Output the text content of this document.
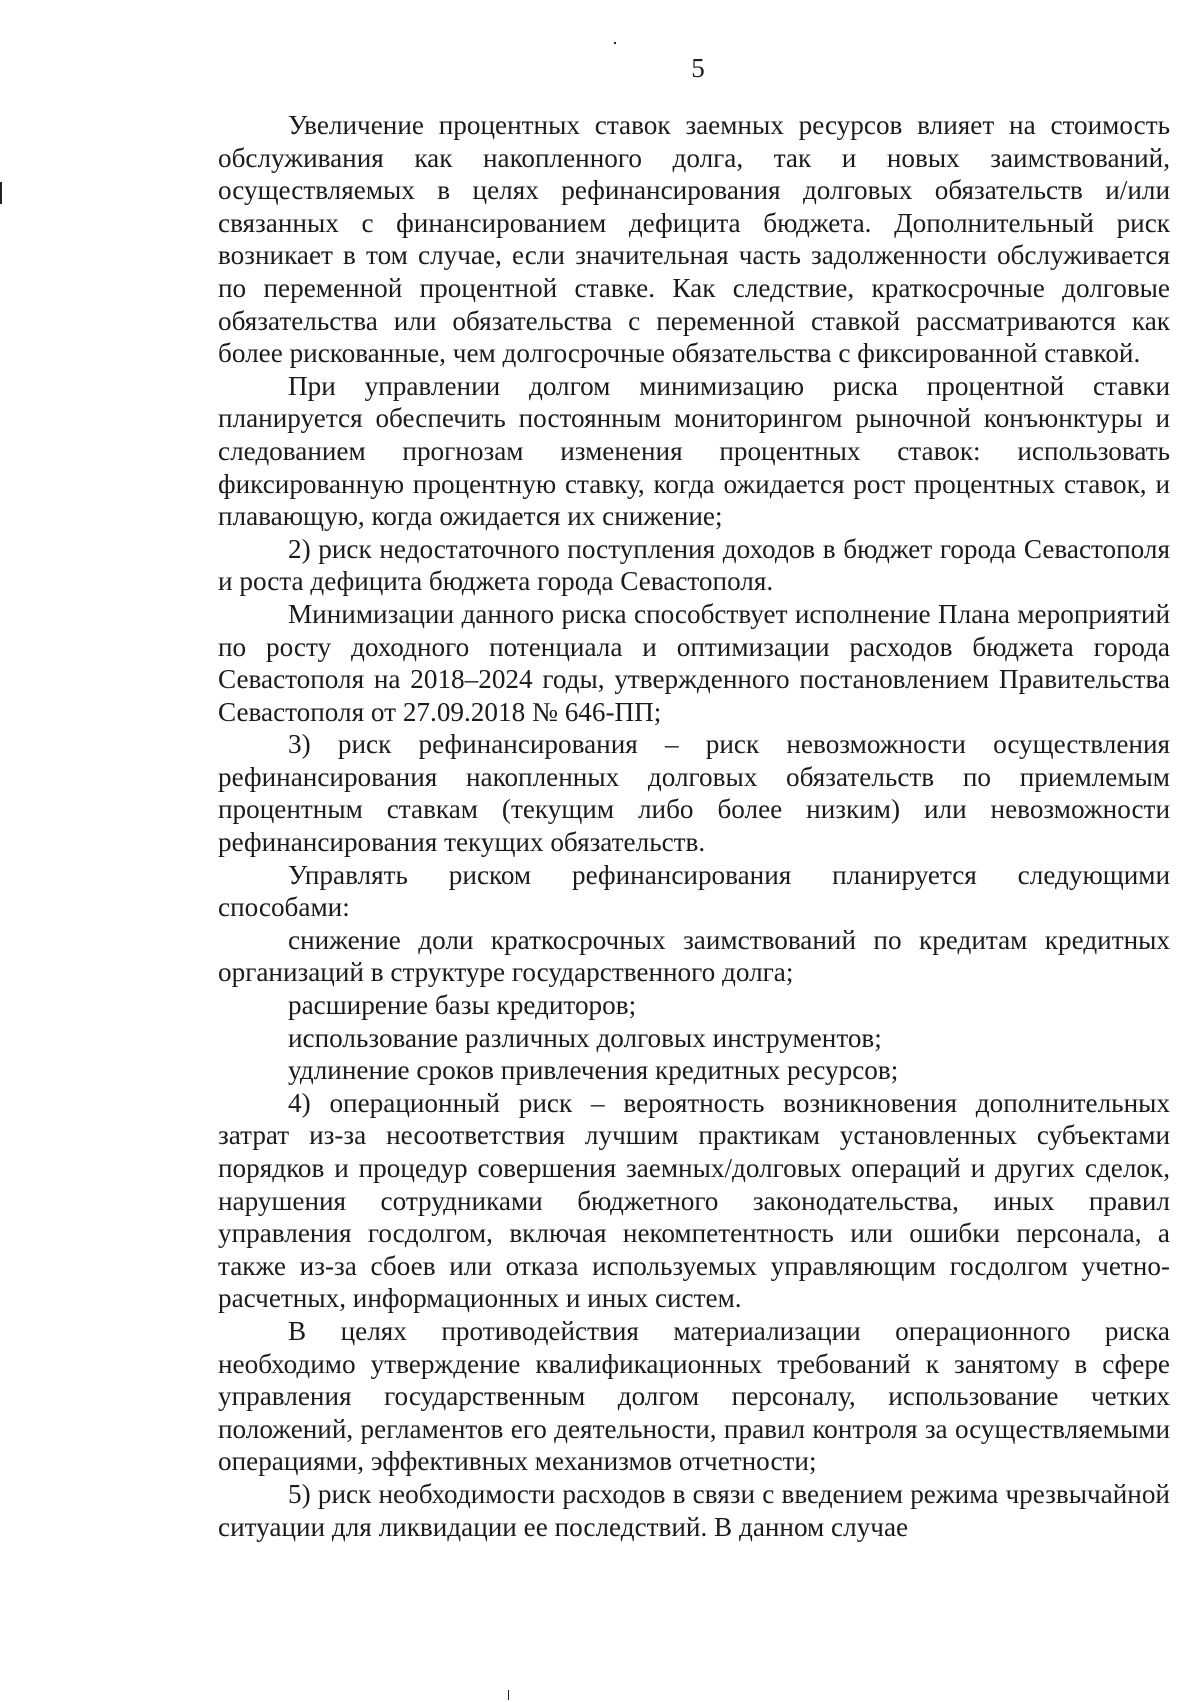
5

Увеличение процентных ставок заемных ресурсов влияет на стоимость обслуживания как накопленного долга, так и новых заимствований, осуществляемых в целях рефинансирования долговых обязательств и/или связанных с финансированием дефицита бюджета. Дополнительный риск возникает в том случае, если значительная часть задолженности обслуживается по переменной процентной ставке. Как следствие, краткосрочные долговые обязательства или обязательства с переменной ставкой рассматриваются как более рискованные, чем долгосрочные обязательства с фиксированной ставкой.

При управлении долгом минимизацию риска процентной ставки планируется обеспечить постоянным мониторингом рыночной конъюнктуры и следованием прогнозам изменения процентных ставок: использовать фиксированную процентную ставку, когда ожидается рост процентных ставок, и плавающую, когда ожидается их снижение;

2) риск недостаточного поступления доходов в бюджет города Севастополя и роста дефицита бюджета города Севастополя.

Минимизации данного риска способствует исполнение Плана мероприятий по росту доходного потенциала и оптимизации расходов бюджета города Севастополя на 2018–2024 годы, утвержденного постановлением Правительства Севастополя от 27.09.2018 № 646-ПП;

3) риск рефинансирования – риск невозможности осуществления рефинансирования накопленных долговых обязательств по приемлемым процентным ставкам (текущим либо более низким) или невозможности рефинансирования текущих обязательств.

Управлять риском рефинансирования планируется следующими способами:

снижение доли краткосрочных заимствований по кредитам кредитных организаций в структуре государственного долга;

расширение базы кредиторов;

использование различных долговых инструментов;

удлинение сроков привлечения кредитных ресурсов;

4) операционный риск – вероятность возникновения дополнительных затрат из-за несоответствия лучшим практикам установленных субъектами порядков и процедур совершения заемных/долговых операций и других сделок, нарушения сотрудниками бюджетного законодательства, иных правил управления госдолгом, включая некомпетентность или ошибки персонала, а также из-за сбоев или отказа используемых управляющим госдолгом учетно-расчетных, информационных и иных систем.

В целях противодействия материализации операционного риска необходимо утверждение квалификационных требований к занятому в сфере управления государственным долгом персоналу, использование четких положений, регламентов его деятельности, правил контроля за осуществляемыми операциями, эффективных механизмов отчетности;

5) риск необходимости расходов в связи с введением режима чрезвычайной ситуации для ликвидации ее последствий. В данном случае
